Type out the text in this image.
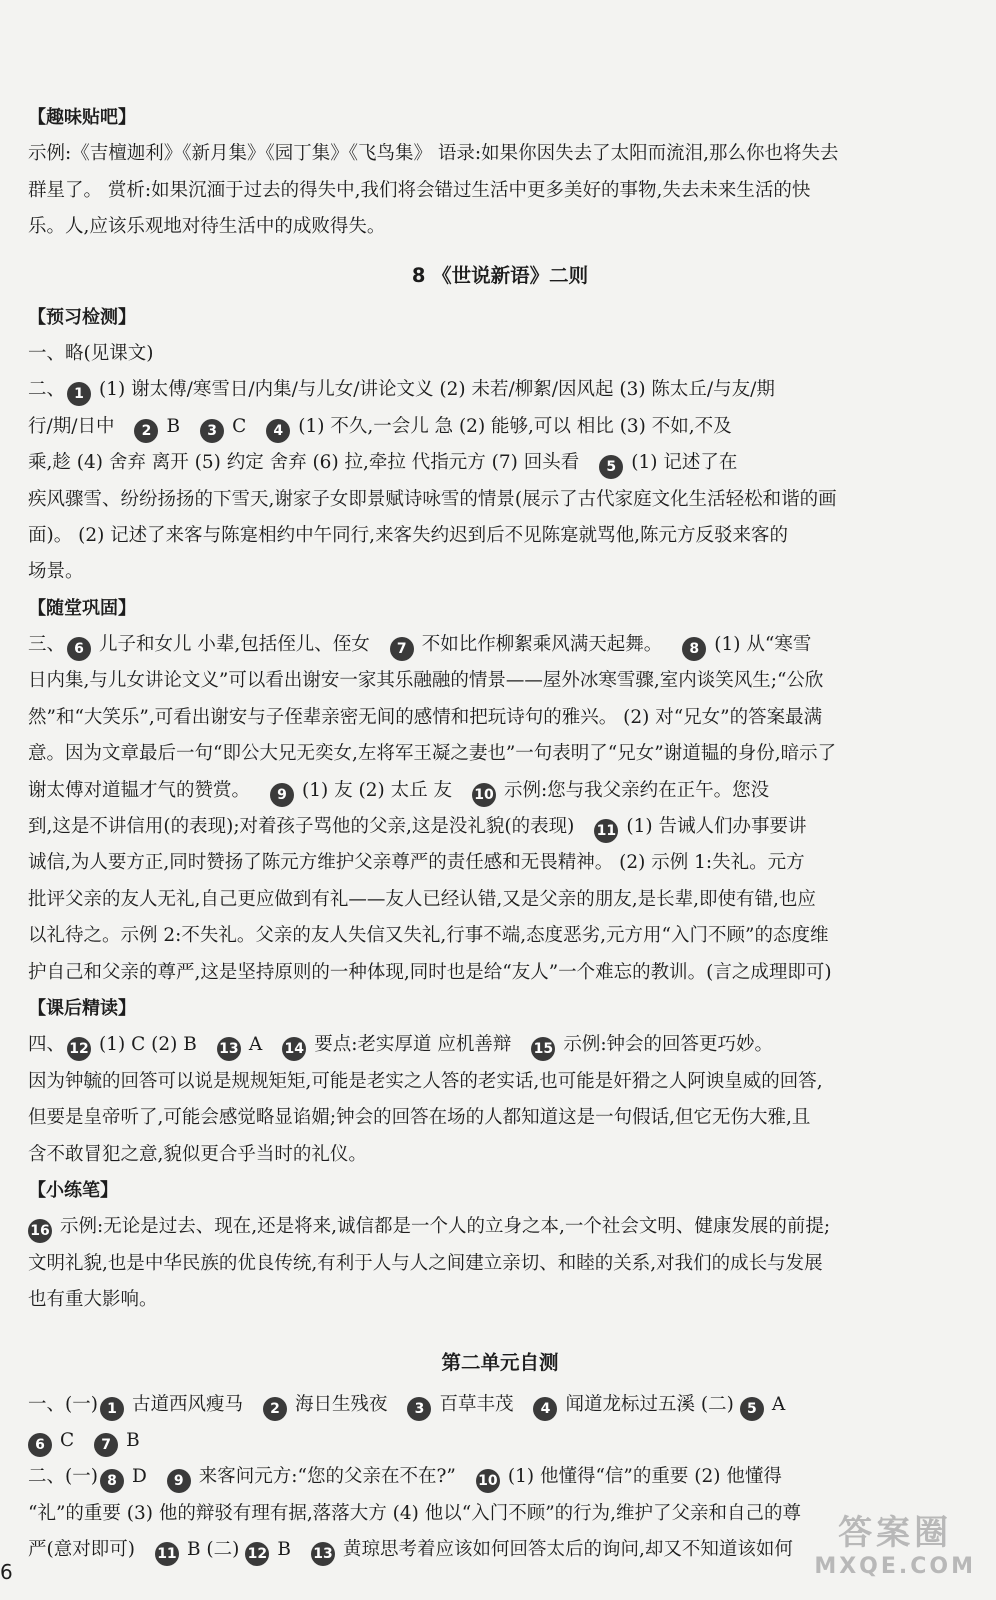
【趣味贴吧】
示例:《吉檀迦利》《新月集》《园丁集》《飞鸟集》 语录:如果你因失去了太阳而流泪,那么你也将失去
群星了。 赏析:如果沉湎于过去的得失中,我们将会错过生活中更多美好的事物,失去未来生活的快
乐。人,应该乐观地对待生活中的成败得失。
8 《世说新语》二则
【预习检测】
一、略(见课文)
二、 1 (1) 谢太傅/寒雪日/内集/与儿女/讲论文义 (2) 未若/柳絮/因风起 (3) 陈太丘/与友/期
行/期/日中 2 B 3 C 4 (1) 不久,一会儿 急 (2) 能够,可以 相比 (3) 不如,不及
乘,趁 (4) 舍弃 离开 (5) 约定 舍弃 (6) 拉,牵拉 代指元方 (7) 回头看 5 (1) 记述了在
疾风骤雪、纷纷扬扬的下雪天,谢家子女即景赋诗咏雪的情景(展示了古代家庭文化生活轻松和谐的画
面)。 (2) 记述了来客与陈寔相约中午同行,来客失约迟到后不见陈寔就骂他,陈元方反驳来客的
场景。
【随堂巩固】
三、 6 儿子和女儿 小辈,包括侄儿、侄女 7 不如比作柳絮乘风满天起舞。 8 (1) 从“寒雪
日内集,与儿女讲论文义”可以看出谢安一家其乐融融的情景——屋外冰寒雪骤,室内谈笑风生;“公欣
然”和“大笑乐”,可看出谢安与子侄辈亲密无间的感情和把玩诗句的雅兴。 (2) 对“兄女”的答案最满
意。因为文章最后一句“即公大兄无奕女,左将军王凝之妻也”一句表明了“兄女”谢道韫的身份,暗示了
谢太傅对道韫才气的赞赏。 9 (1) 友 (2) 太丘 友 10 示例:您与我父亲约在正午。您没
到,这是不讲信用(的表现);对着孩子骂他的父亲,这是没礼貌(的表现) 11 (1) 告诫人们办事要讲
诚信,为人要方正,同时赞扬了陈元方维护父亲尊严的责任感和无畏精神。 (2) 示例 1:失礼。元方
批评父亲的友人无礼,自己更应做到有礼——友人已经认错,又是父亲的朋友,是长辈,即使有错,也应
以礼待之。示例 2:不失礼。父亲的友人失信又失礼,行事不端,态度恶劣,元方用“入门不顾”的态度维
护自己和父亲的尊严,这是坚持原则的一种体现,同时也是给“友人”一个难忘的教训。(言之成理即可)
【课后精读】
四、 12 (1) C (2) B 13 A 14 要点:老实厚道 应机善辩 15 示例:钟会的回答更巧妙。
因为钟毓的回答可以说是规规矩矩,可能是老实之人答的老实话,也可能是奸猾之人阿谀皇威的回答,
但要是皇帝听了,可能会感觉略显谄媚;钟会的回答在场的人都知道这是一句假话,但它无伤大雅,且
含不敢冒犯之意,貌似更合乎当时的礼仪。
【小练笔】
16 示例:无论是过去、现在,还是将来,诚信都是一个人的立身之本,一个社会文明、健康发展的前提;
文明礼貌,也是中华民族的优良传统,有利于人与人之间建立亲切、和睦的关系,对我们的成长与发展
也有重大影响。
第二单元自测
一、(一) 1 古道西风瘦马 2 海日生残夜 3 百草丰茂 4 闻道龙标过五溪 (二) 5 A
6 C 7 B
二、(一) 8 D 9 来客问元方:“您的父亲在不在?” 10 (1) 他懂得“信”的重要 (2) 他懂得
“礼”的重要 (3) 他的辩驳有理有据,落落大方 (4) 他以“入门不顾”的行为,维护了父亲和自己的尊
严(意对即可) 11 B (二) 12 B 13 黄琼思考着应该如何回答太后的询问,却又不知道该如何
6
答案圈
MXQE.COM
